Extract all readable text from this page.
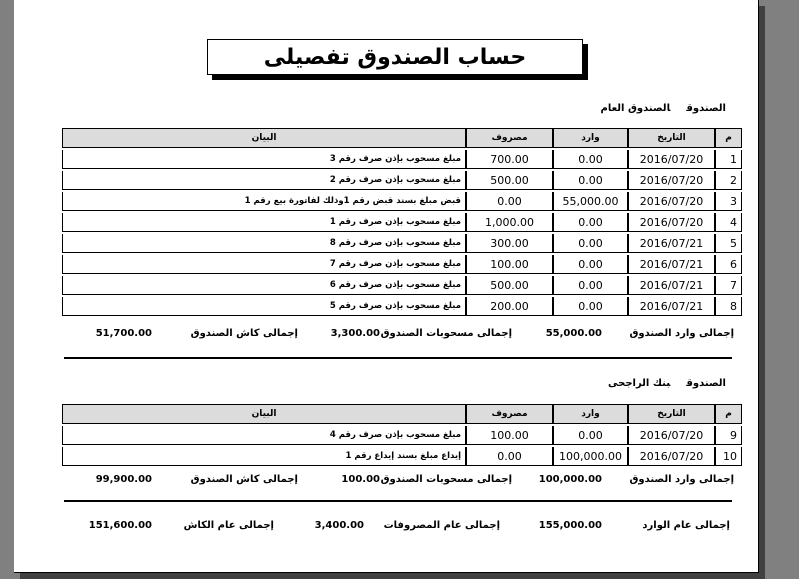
حساب الصندوق تفصيلى
الصندوقالصندوق العام
م	التاريخ	وارد	مصروف	البيان

1	2016/07/20	0.00	700.00	مبلغ مسحوب بإذن صرف رقم 3

2	2016/07/20	0.00	500.00	مبلغ مسحوب بإذن صرف رقم 2

3	2016/07/20	55,000.00	0.00	قبض مبلغ بسند قبض رقم 1وذلك لفاتورة بيع رقم 1

4	2016/07/20	0.00	1,000.00	مبلغ مسحوب بإذن صرف رقم 1

5	2016/07/21	0.00	300.00	مبلغ مسحوب بإذن صرف رقم 8

6	2016/07/21	0.00	100.00	مبلغ مسحوب بإذن صرف رقم 7

7	2016/07/21	0.00	500.00	مبلغ مسحوب بإذن صرف رقم 6

8	2016/07/21	0.00	200.00	مبلغ مسحوب بإذن صرف رقم 5
إجمالى وارد الصندوق
55,000.00
إجمالى مسحوبات الصندوق
3,300.00
إجمالى كاش الصندوق
51,700.00
الصندوقبنك الراجحى
م	التاريخ	وارد	مصروف	البيان

9	2016/07/20	0.00	100.00	مبلغ مسحوب بإذن صرف رقم 4

10	2016/07/20	100,000.00	0.00	إيداع مبلغ بسند إيداع رقم 1
إجمالى وارد الصندوق
100,000.00
إجمالى مسحوبات الصندوق
100.00
إجمالى كاش الصندوق
99,900.00
إجمالى عام الوارد
155,000.00
إجمالى عام المصروفات
3,400.00
إجمالى عام الكاش
151,600.00
